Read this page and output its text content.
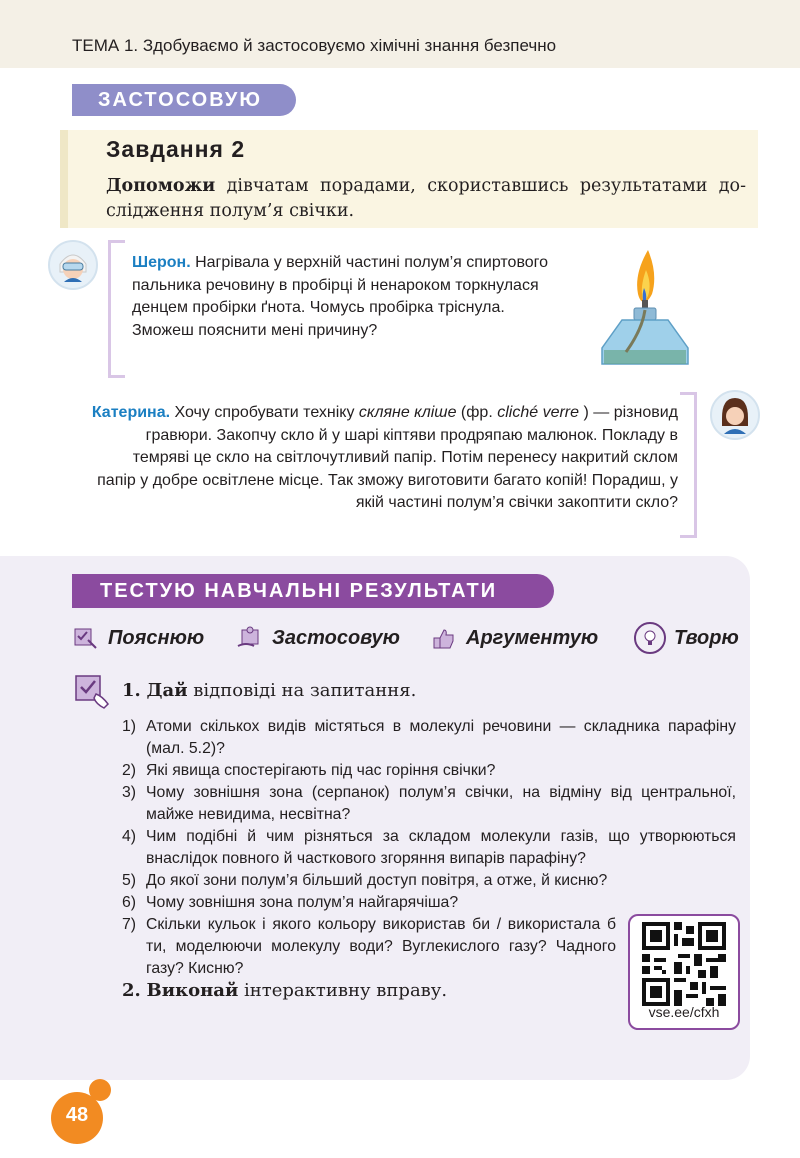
ТЕМА 1. Здобуваємо й застосовуємо хімічні знання безпечно
ЗАСТОСОВУЮ
Завдання 2
Допоможи дівчатам порадами, скориставшись результатами дослідження полум’я свічки.
Шерон. Нагрівала у верхній частині полум’я спиртового пальника речовину в пробірці й ненароком торкнулася денцем пробірки ґнота. Чомусь пробірка тріснула. Зможеш пояснити мені причину?
Катерина. Хочу спробувати техніку скляне кліше (фр. cliché verre ) — різновид гравюри. Закопчу скло й у шарі кіптяви продряпаю малюнок. Покладу в темряві це скло на світлочутливий папір. Потім перенесу накритий склом папір у добре освітлене місце. Так зможу виготовити багато копій! Порадиш, у якій частині полум’я свічки закоптити скло?
ТЕСТУЮ НАВЧАЛЬНІ РЕЗУЛЬТАТИ
Пояснюю	Застосовую	Аргументую	Творю
1. Дай відповіді на запитання.
1) Атоми скількох видів містяться в молекулі речовини — складника парафіну (мал. 5.2)?
2) Які явища спостерігають під час горіння свічки?
3) Чому зовнішня зона (серпанок) полум’я свічки, на відміну від центральної, майже невидима, несвітна?
4) Чим подібні й чим різняться за складом молекули газів, що утворюються внаслідок повного й часткового згоряння випарів парафіну?
5) До якої зони полум’я більший доступ повітря, а отже, й кисню?
6) Чому зовнішня зона полум’я найгарячіша?
7) Скільки кульок і якого кольору використав би / використала б ти, моделюючи молекулу води? Вуглекислого газу? Чадного газу? Кисню?
2. Виконай інтерактивну вправу.
vse.ee/cfxh
48
